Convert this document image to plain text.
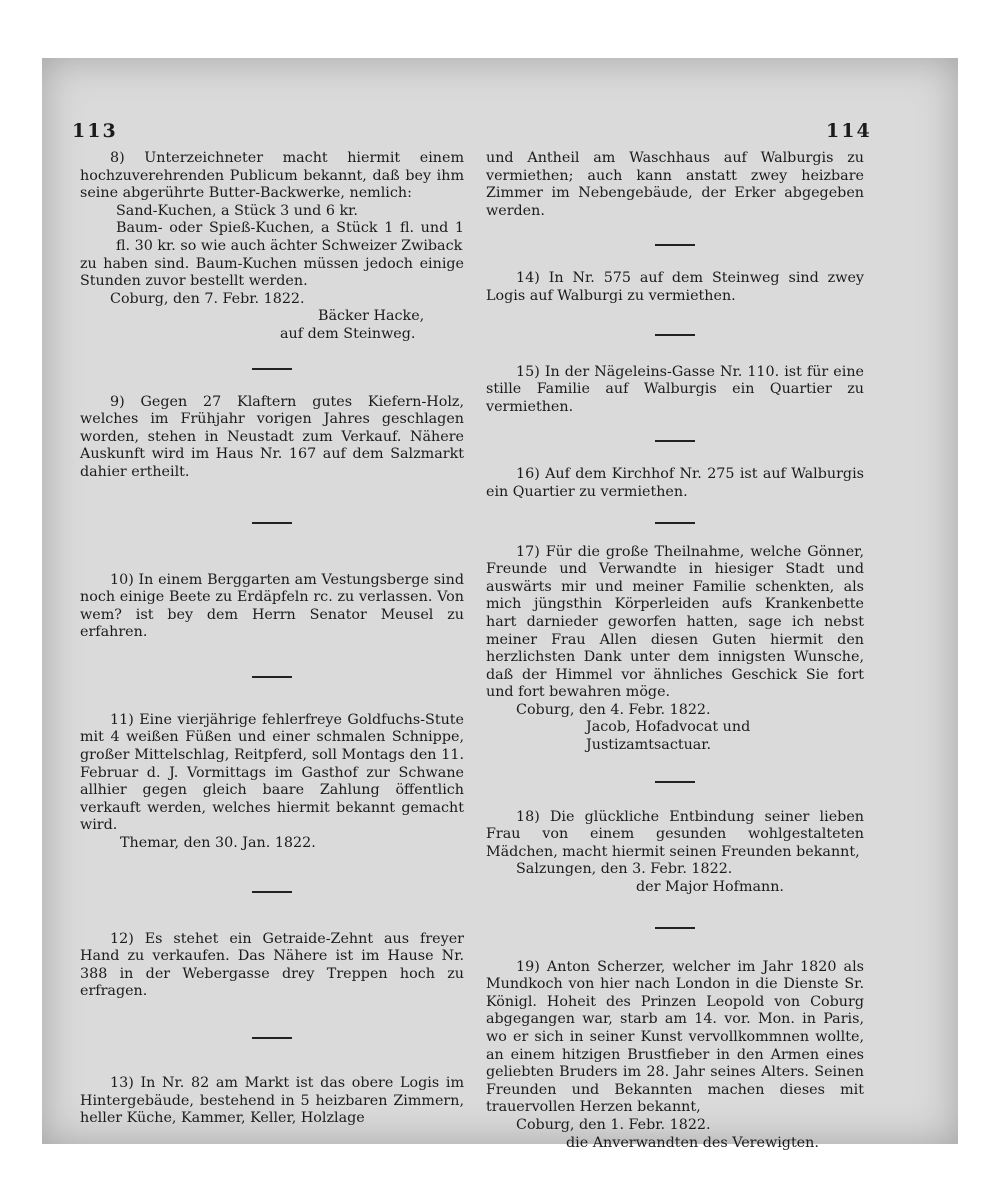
113	114

8) Unterzeichneter macht hiermit einem hochzuverehrenden Publicum bekannt, daß bey ihm seine abgerührte Butter-Backwerke, nemlich:

Sand-Kuchen, a Stück 3 und 6 kr.
Baum- oder Spieß-Kuchen, a Stück 1 fl. und 1 fl. 30 kr. so wie auch ächter Schweizer Zwiback
zu haben sind. Baum-Kuchen müssen jedoch einige Stunden zuvor bestellt werden.
Coburg, den 7. Febr. 1822.
Bäcker Hacke,
auf dem Steinweg.

9) Gegen 27 Klaftern gutes Kiefern-Holz, welches im Frühjahr vorigen Jahres geschlagen worden, stehen in Neustadt zum Verkauf. Nähere Auskunft wird im Haus Nr. 167 auf dem Salzmarkt dahier ertheilt.

10) In einem Berggarten am Vestungsberge sind noch einige Beete zu Erdäpfeln rc. zu verlassen. Von wem? ist bey dem Herrn Senator Meusel zu erfahren.

11) Eine vierjährige fehlerfreye Goldfuchs-Stute mit 4 weißen Füßen und einer schmalen Schnippe, großer Mittelschlag, Reitpferd, soll Montags den 11. Februar d. J. Vormittags im Gasthof zur Schwane allhier gegen gleich baare Zahlung öffentlich verkauft werden, welches hiermit bekannt gemacht wird.

Themar, den 30. Jan. 1822.

12) Es stehet ein Getraide-Zehnt aus freyer Hand zu verkaufen. Das Nähere ist im Hause Nr. 388 in der Webergasse drey Treppen hoch zu erfragen.

13) In Nr. 82 am Markt ist das obere Logis im Hintergebäude, bestehend in 5 heizbaren Zimmern, heller Küche, Kammer, Keller, Holzlage

und Antheil am Waschhaus auf Walburgis zu vermiethen; auch kann anstatt zwey heizbare Zimmer im Nebengebäude, der Erker abgegeben werden.

14) In Nr. 575 auf dem Steinweg sind zwey Logis auf Walburgi zu vermiethen.

15) In der Nägeleins-Gasse Nr. 110. ist für eine stille Familie auf Walburgis ein Quartier zu vermiethen.

16) Auf dem Kirchhof Nr. 275 ist auf Walburgis ein Quartier zu vermiethen.

17) Für die große Theilnahme, welche Gönner, Freunde und Verwandte in hiesiger Stadt und auswärts mir und meiner Familie schenkten, als mich jüngsthin Körperleiden aufs Krankenbette hart darnieder geworfen hatten, sage ich nebst meiner Frau Allen diesen Guten hiermit den herzlichsten Dank unter dem innigsten Wunsche, daß der Himmel vor ähnliches Geschick Sie fort und fort bewahren möge.

Coburg, den 4. Febr. 1822.
Jacob, Hofadvocat und Justizamtsactuar.

18) Die glückliche Entbindung seiner lieben Frau von einem gesunden wohlgestalteten Mädchen, macht hiermit seinen Freunden bekannt,

Salzungen, den 3. Febr. 1822.
der Major Hofmann.

19) Anton Scherzer, welcher im Jahr 1820 als Mundkoch von hier nach London in die Dienste Sr. Königl. Hoheit des Prinzen Leopold von Coburg abgegangen war, starb am 14. vor. Mon. in Paris, wo er sich in seiner Kunst vervollkommnen wollte, an einem hitzigen Brustfieber in den Armen eines geliebten Bruders im 28. Jahr seines Alters. Seinen Freunden und Bekannten machen dieses mit trauervollen Herzen bekannt,

Coburg, den 1. Febr. 1822.
die Anverwandten des Verewigten.
